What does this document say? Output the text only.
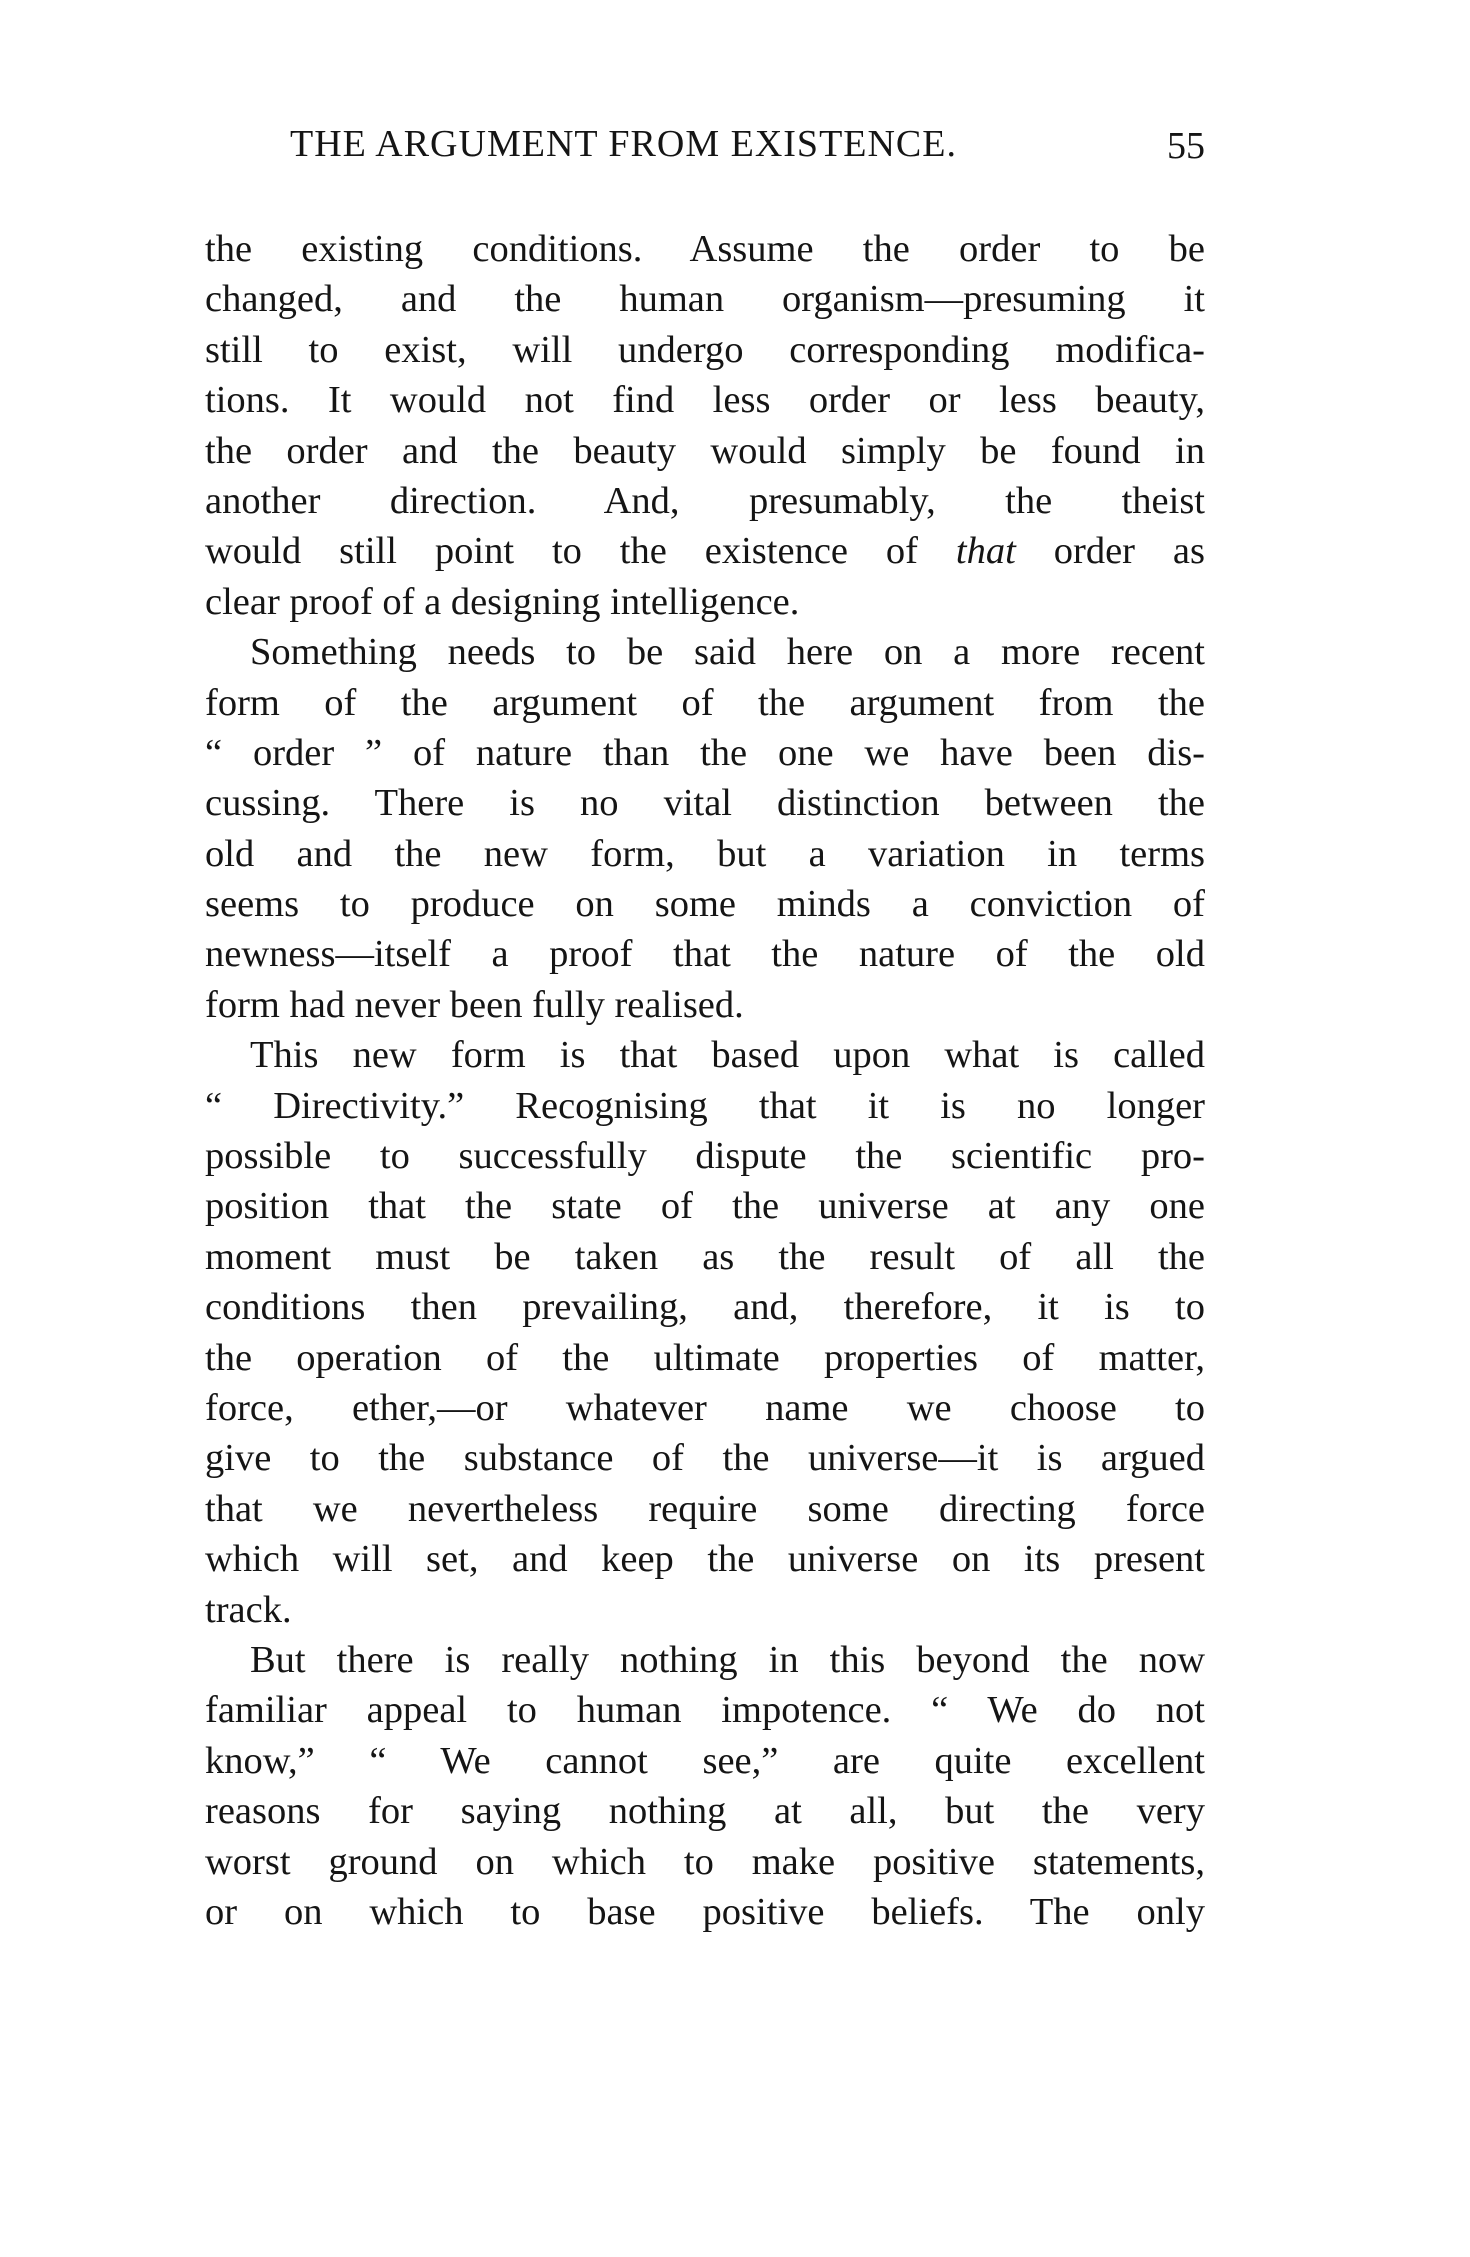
THE ARGUMENT FROM EXISTENCE.	55
the existing conditions. Assume the order to be
changed, and the human organism—presuming it
still to exist, will undergo corresponding modifica-
tions. It would not find less order or less beauty,
the order and the beauty would simply be found in
another direction. And, presumably, the theist
would still point to the existence of that order as
clear proof of a designing intelligence.
Something needs to be said here on a more recent
form of the argument of the argument from the
“ order ” of nature than the one we have been dis-
cussing. There is no vital distinction between the
old and the new form, but a variation in terms
seems to produce on some minds a conviction of
newness—itself a proof that the nature of the old
form had never been fully realised.
This new form is that based upon what is called
“ Directivity.” Recognising that it is no longer
possible to successfully dispute the scientific pro-
position that the state of the universe at any one
moment must be taken as the result of all the
conditions then prevailing, and, therefore, it is to
the operation of the ultimate properties of matter,
force, ether,—or whatever name we choose to
give to the substance of the universe—it is argued
that we nevertheless require some directing force
which will set, and keep the universe on its present
track.
But there is really nothing in this beyond the now
familiar appeal to human impotence. “ We do not
know,” “ We cannot see,” are quite excellent
reasons for saying nothing at all, but the very
worst ground on which to make positive statements,
or on which to base positive beliefs. The only
